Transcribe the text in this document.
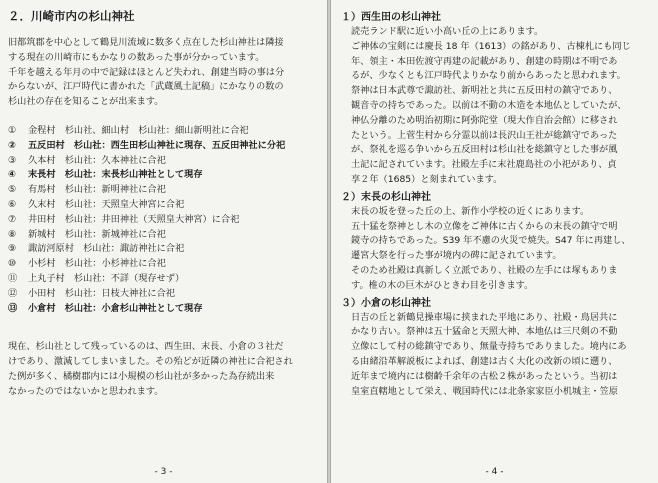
２．川崎市内の杉山神社

旧都筑郡を中心として鶴見川流域に数多く点在した杉山神社は隣接

する現在の川崎市にもかなりの数あった事が分かっています。

千年を越える年月の中で記録はほとんど失われ、創建当時の事は分

からないが、江戸時代に書かれた「武蔵風土記稿」にかなりの数の

杉山社の存在を知ることが出来ます。

①	金程村　杉山社、細山村　杉山社：細山新明社に合祀
②	五反田村　杉山社：西生田杉山神社に現存、五反田神社に分祀
③	久本村　杉山社：久本神社に合祀
④	末長村　杉山社：末長杉山神社として現存
⑤	有馬村　杉山社：新明神社に合祀
⑥	久末村　杉山社：天照皇大神宮に合祀
⑦	井田村　杉山社：井田神社（天照皇大神宮）に合祀
⑧	新城村　杉山社：新城神社に合祀
⑨	諏訪河原村　杉山社：諏訪神社に合祀
⑩	小杉村　杉山社：小杉神社に合祀
⑪	上丸子村　杉山社：不詳（現存せず）
⑫	小田村　杉山社：日枝大神社に合祀
⑬	小倉村　杉山社：小倉杉山神社として現存

現在、杉山社として残っているのは、西生田、末長、小倉の３社だ

けであり、激減してしまいました。その殆どが近隣の神社に合祀され

た例が多く、橘樹郡内には小規模の杉山社が多かった為存続出来

なかったのではないかと思われます。

- 3 -
１）西生田の杉山神社

読売ランド駅に近い小高い丘の上にあります。

ご神体の宝剣には慶長 18 年（1613）の銘があり、古棟札にも同じ

年、領主・本田佐渡守再建の記載があり、創建の時期は不明であ

るが、少なくとも江戸時代よりかなり前からあったと思われます。

祭神は日本武尊で諏訪社、新明社と共に五反田村の鎮守であり、

観音寺の持ちであった。以前は不動の木造を本地仏としていたが、

神仏分離のため明治初期に阿弥陀堂（現大作自治会館）に移され

たという。上菅生村から分霊以前は長沢山王社が総鎮守であった

が、祭礼を巡る争いから五反田村は杉山社を総鎮守とした事が風

土記に記されています。社殿左手に末社鹿島社の小祀があり、貞

享２年（1685）と刻まれています。

２）末長の杉山神社

末長の坂を登った丘の上、新作小学校の近くにあります。

五十猛を祭神とし木の立像をご神体に古くからの末長の鎮守で明

鏡寺の持ちであった。S39 年不慮の火災で焼失。S47 年に再建し、

遷宮大祭を行った事が境内の碑に記されています。

そのため社殿は真新しく立派であり、社殿の左手には塚もありま

す。椎の木の巨木がひときわ目を引きます。

３）小倉の杉山神社

日吉の丘と新鶴見操車場に挟まれた平地にあり、社殿・鳥居共に

かなり古い。祭神は五十猛命と天照大神、本地仏は三尺剣の不動

立像にして村の総鎮守であり、無量寺持ちでありました。境内にあ

る由緒沿革解説板によれば、創建は古く大化の改新の頃に遡り、

近年まで境内には樹齢千余年の古松２株があったという。当初は

皇室直轄地として栄え、戦国時代には北条家家臣小机城主・笠原

- 4 -
